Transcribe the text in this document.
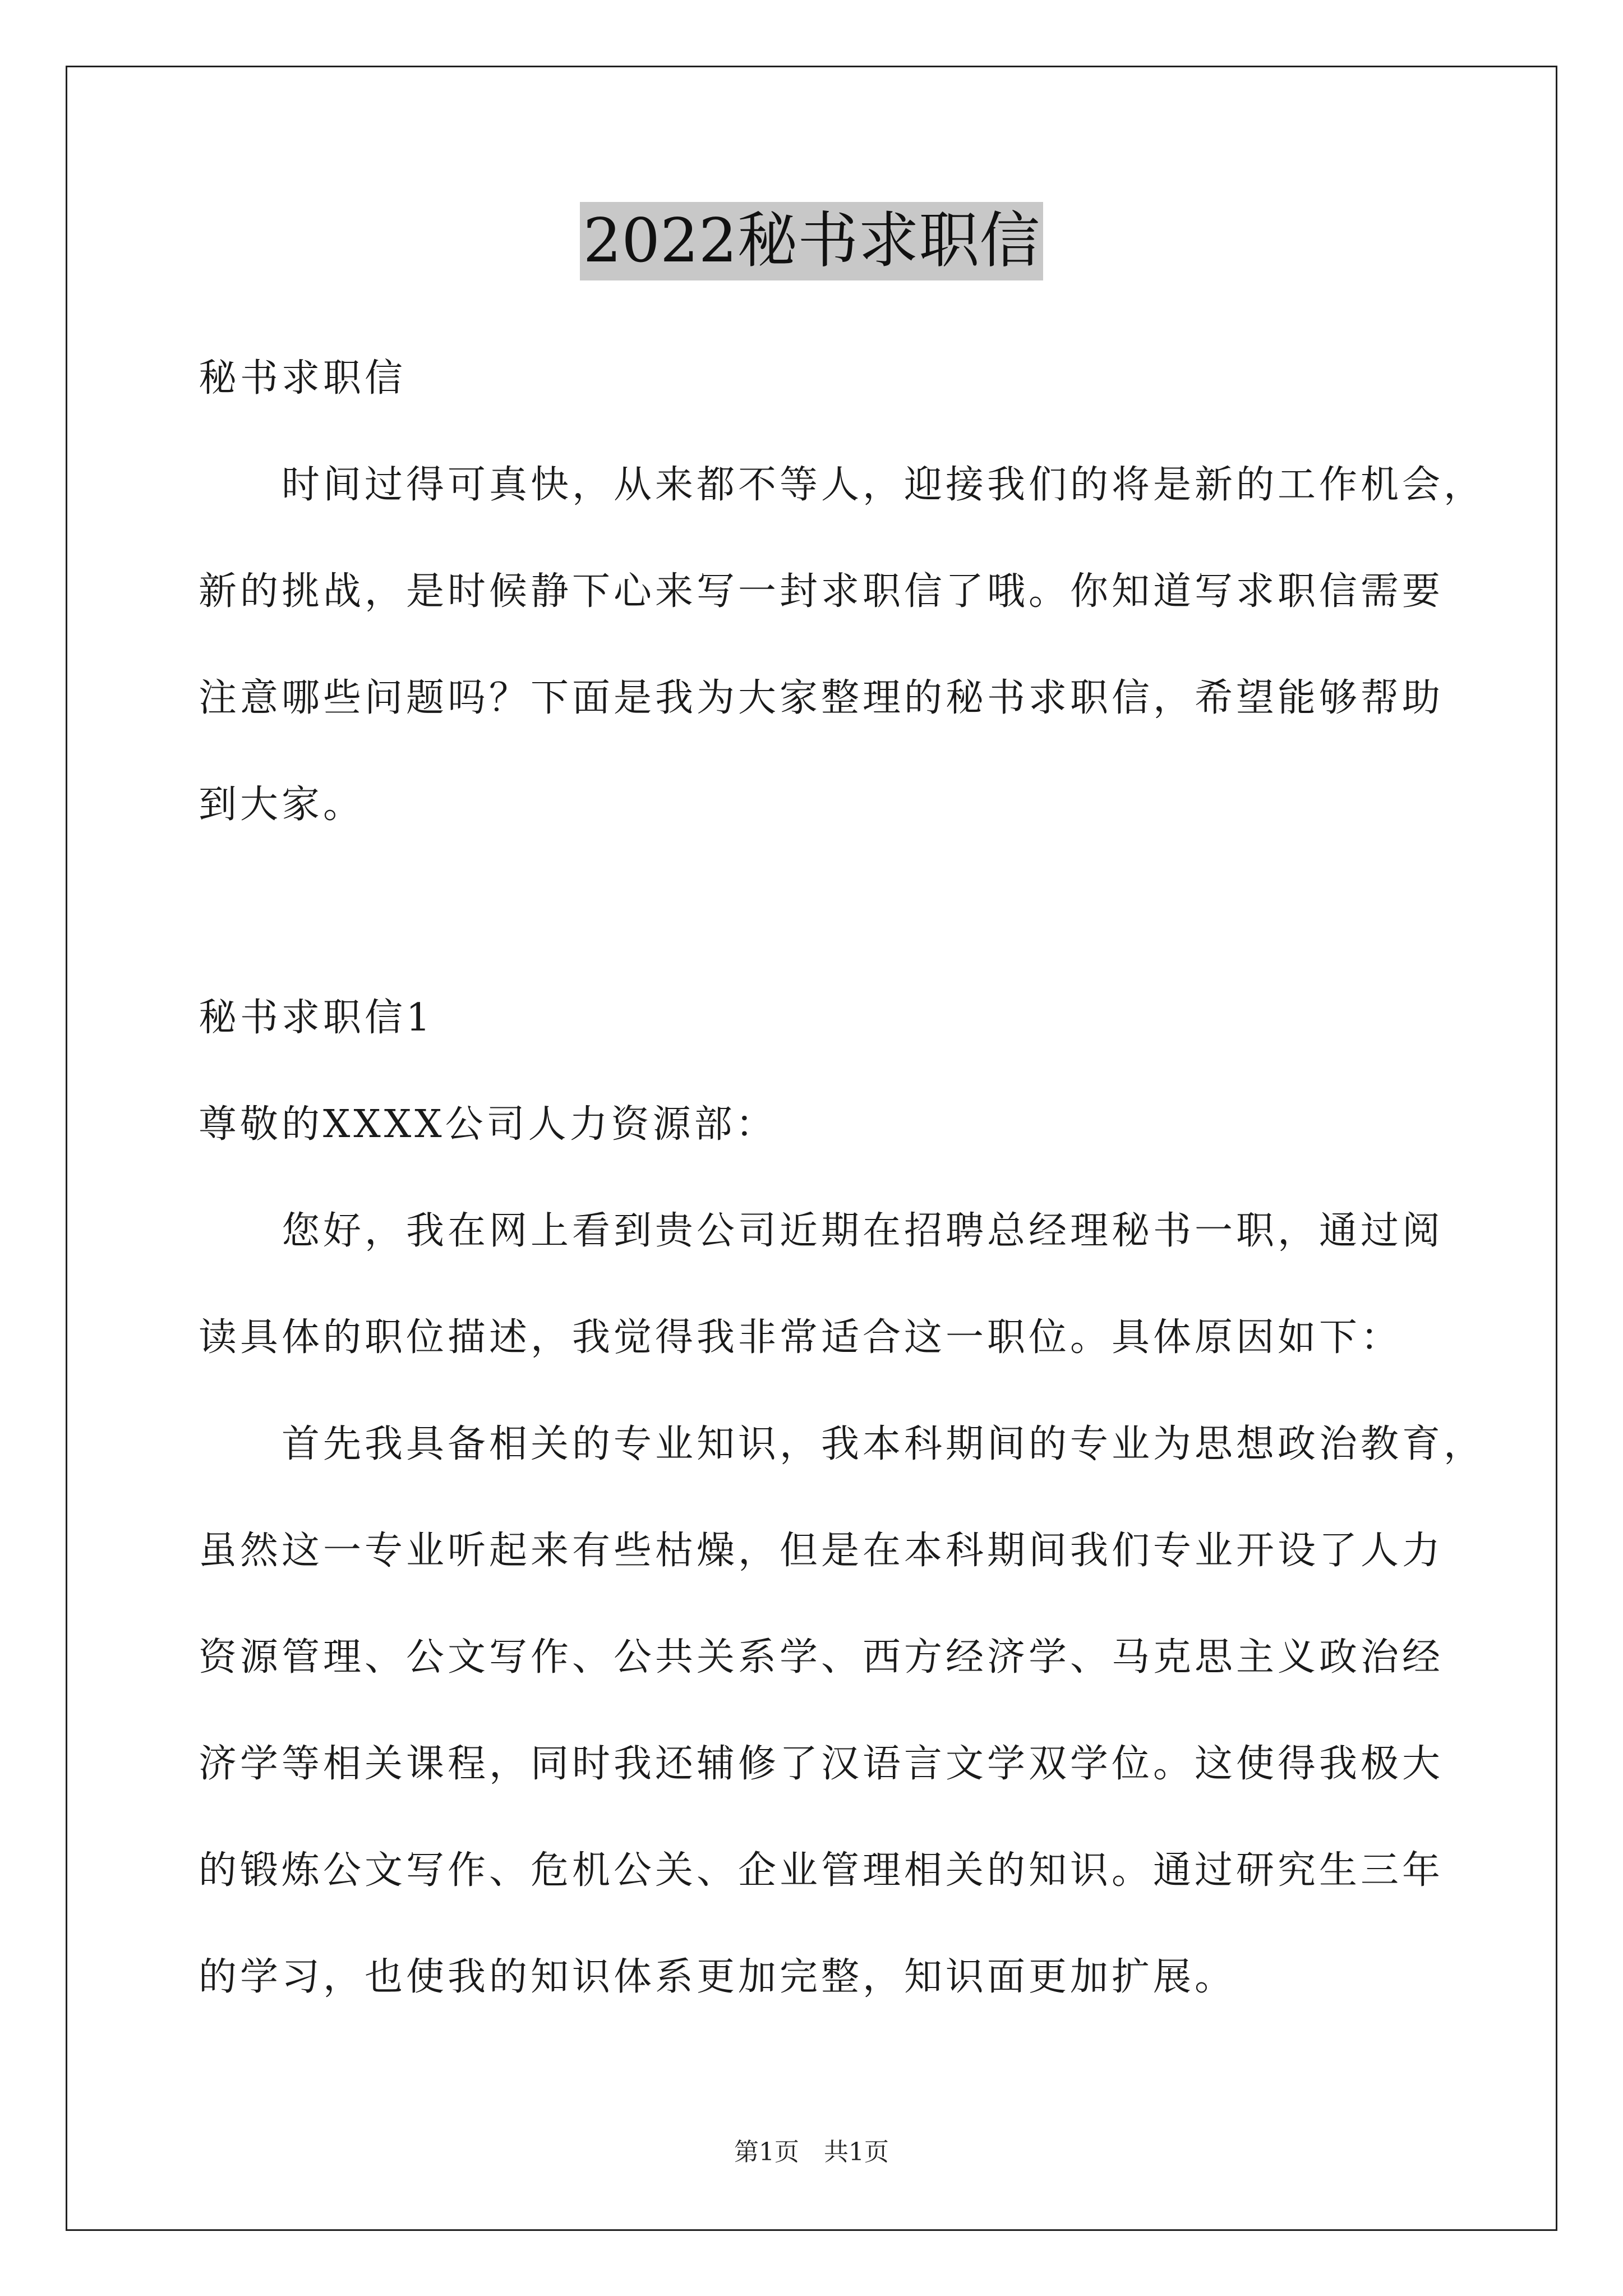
2022秘书求职信
秘书求职信
　　时间过得可真快，从来都不等人，迎接我们的将是新的工作机会，
新的挑战，是时候静下心来写一封求职信了哦。你知道写求职信需要
注意哪些问题吗？下面是我为大家整理的秘书求职信，希望能够帮助
到大家。
秘书求职信1
尊敬的XXXX公司人力资源部：
　　您好，我在网上看到贵公司近期在招聘总经理秘书一职，通过阅
读具体的职位描述，我觉得我非常适合这一职位。具体原因如下：
　　首先我具备相关的专业知识，我本科期间的专业为思想政治教育，
虽然这一专业听起来有些枯燥，但是在本科期间我们专业开设了人力
资源管理、公文写作、公共关系学、西方经济学、马克思主义政治经
济学等相关课程，同时我还辅修了汉语言文学双学位。这使得我极大
的锻炼公文写作、危机公关、企业管理相关的知识。通过研究生三年
的学习，也使我的知识体系更加完整，知识面更加扩展。
第1页　共1页
